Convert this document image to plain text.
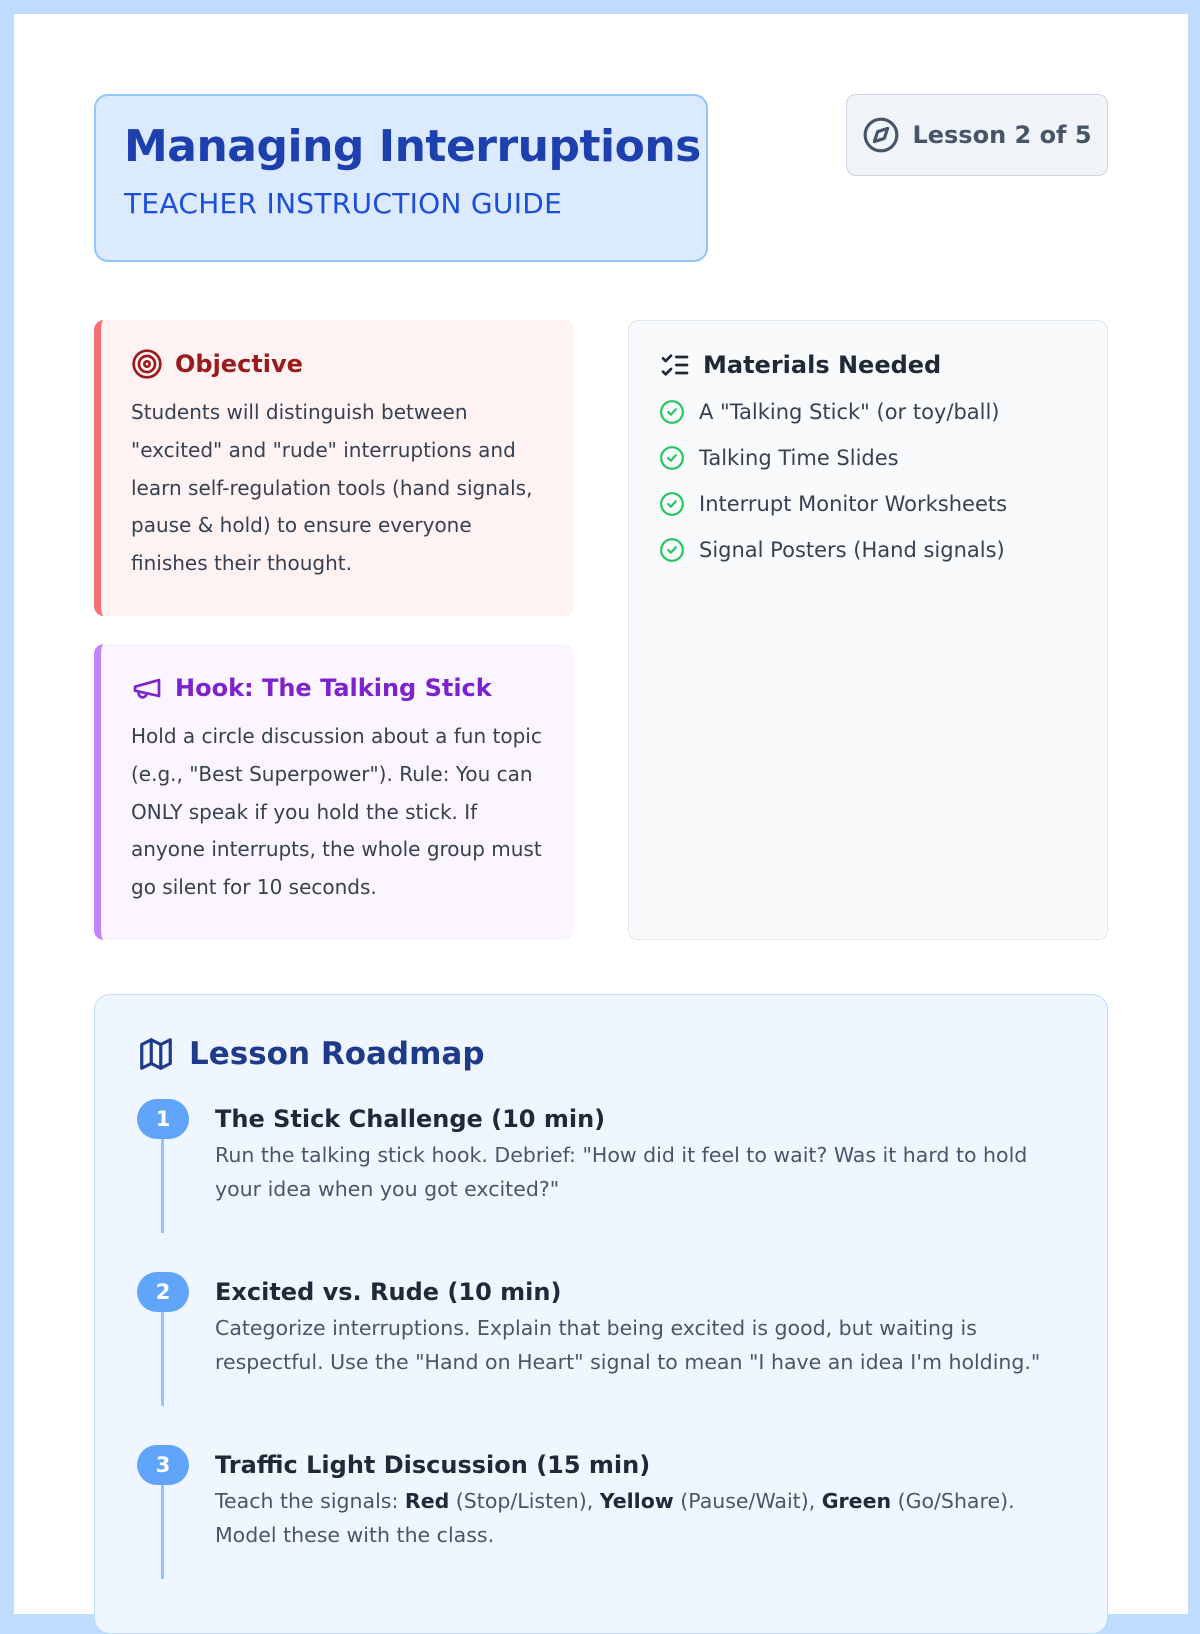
Managing Interruptions
TEACHER INSTRUCTION GUIDE
Lesson 2 of 5
Objective
Students will distinguish between "excited" and "rude" interruptions and learn self-regulation tools (hand signals, pause & hold) to ensure everyone finishes their thought.
Hook: The Talking Stick
Hold a circle discussion about a fun topic (e.g., "Best Superpower"). Rule: You can ONLY speak if you hold the stick. If anyone interrupts, the whole group must go silent for 10 seconds.
Materials Needed
A "Talking Stick" (or toy/ball)
Talking Time Slides
Interrupt Monitor Worksheets
Signal Posters (Hand signals)
Lesson Roadmap
1	The Stick Challenge (10 min)
Run the talking stick hook. Debrief: "How did it feel to wait? Was it hard to hold your idea when you got excited?"
2	Excited vs. Rude (10 min)
Categorize interruptions. Explain that being excited is good, but waiting is respectful. Use the "Hand on Heart" signal to mean "I have an idea I'm holding."
3	Traffic Light Discussion (15 min)
Teach the signals: Red (Stop/Listen), Yellow (Pause/Wait), Green (Go/Share). Model these with the class.
